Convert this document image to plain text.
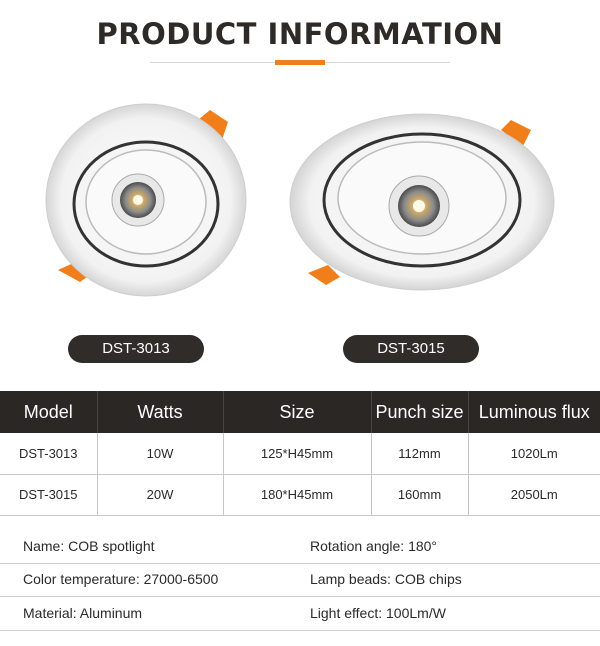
PRODUCT INFORMATION
DST-3013	DST-3015
Model	Watts	Size	Punch size	Luminous flux
DST-3013	10W	125*H45mm	112mm	1020Lm
DST-3015	20W	180*H45mm	160mm	2050Lm
Name: COB spotlight	Rotation angle: 180°
Color temperature: 27000-6500	Lamp beads: COB chips
Material: Aluminum	Light effect: 100Lm/W
